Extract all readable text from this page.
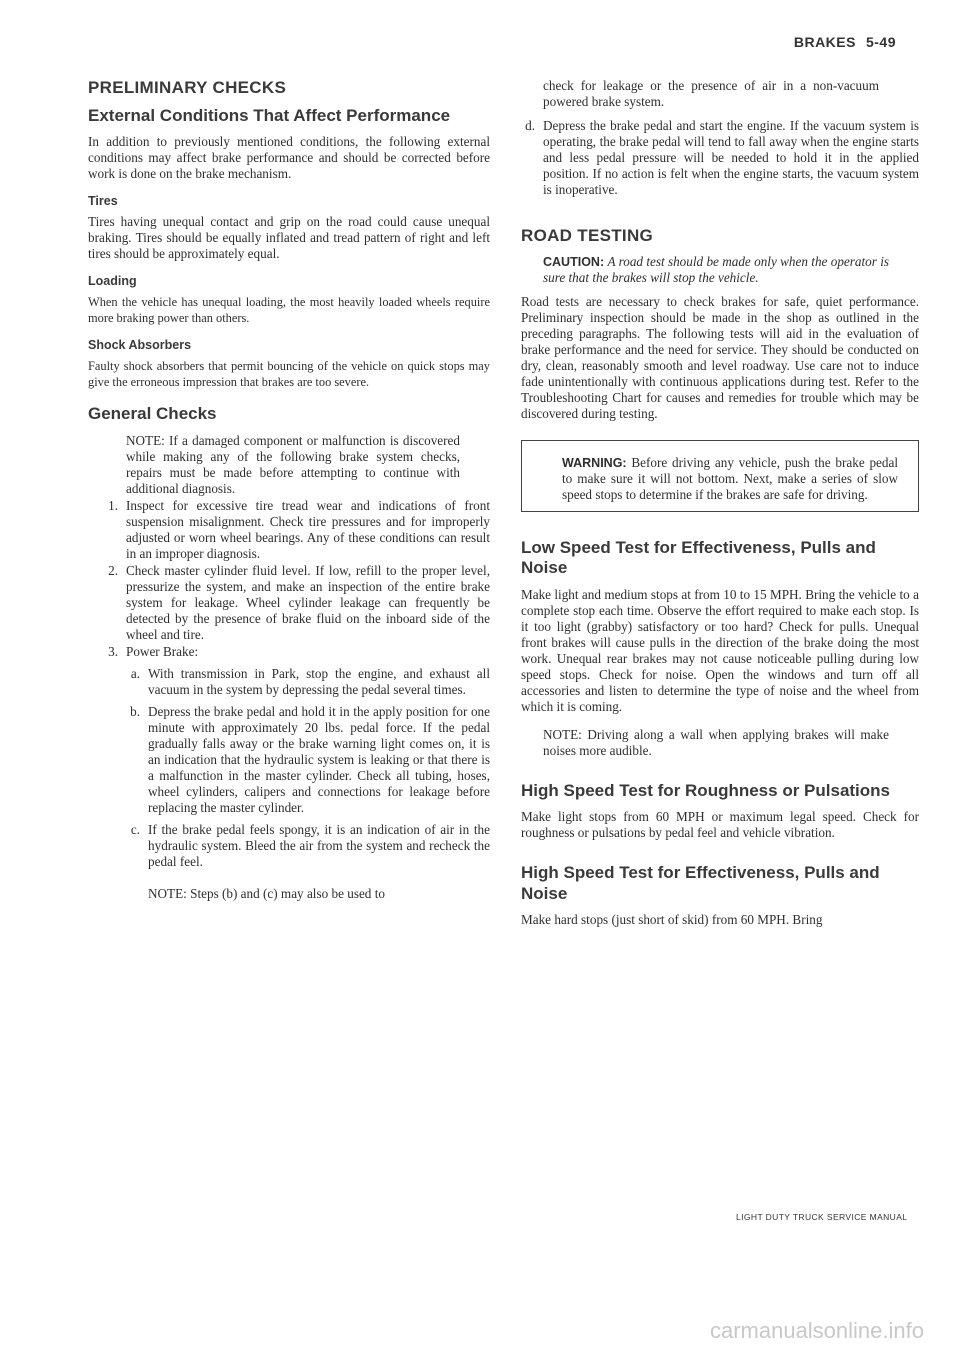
BRAKES 5-49
PRELIMINARY CHECKS
External Conditions That Affect Performance

In addition to previously mentioned conditions, the following external conditions may affect brake performance and should be corrected before work is done on the brake mechanism.

Tires

Tires having unequal contact and grip on the road could cause unequal braking. Tires should be equally inflated and tread pattern of right and left tires should be approximately equal.

Loading

When the vehicle has unequal loading, the most heavily loaded wheels require more braking power than others.

Shock Absorbers

Faulty shock absorbers that permit bouncing of the vehicle on quick stops may give the erroneous impression that brakes are too severe.

General Checks

NOTE: If a damaged component or malfunction is discovered while making any of the following brake system checks, repairs must be made before attempting to continue with additional diagnosis.

1. Inspect for excessive tire tread wear and indications of front suspension misalignment. Check tire pressures and for improperly adjusted or worn wheel bearings. Any of these conditions can result in an improper diagnosis.

2. Check master cylinder fluid level. If low, refill to the proper level, pressurize the system, and make an inspection of the entire brake system for leakage. Wheel cylinder leakage can frequently be detected by the presence of brake fluid on the inboard side of the wheel and tire.

3. Power Brake:

a. With transmission in Park, stop the engine, and exhaust all vacuum in the system by depressing the pedal several times.

b. Depress the brake pedal and hold it in the apply position for one minute with approximately 20 lbs. pedal force. If the pedal gradually falls away or the brake warning light comes on, it is an indication that the hydraulic system is leaking or that there is a malfunction in the master cylinder. Check all tubing, hoses, wheel cylinders, calipers and connections for leakage before replacing the master cylinder.

c. If the brake pedal feels spongy, it is an indication of air in the hydraulic system. Bleed the air from the system and recheck the pedal feel.

NOTE: Steps (b) and (c) may also be used to

check for leakage or the presence of air in a non-vacuum powered brake system.

d. Depress the brake pedal and start the engine. If the vacuum system is operating, the brake pedal will tend to fall away when the engine starts and less pedal pressure will be needed to hold it in the applied position. If no action is felt when the engine starts, the vacuum system is inoperative.

ROAD TESTING

CAUTION: A road test should be made only when the operator is sure that the brakes will stop the vehicle.

Road tests are necessary to check brakes for safe, quiet performance. Preliminary inspection should be made in the shop as outlined in the preceding paragraphs. The following tests will aid in the evaluation of brake performance and the need for service. They should be conducted on dry, clean, reasonably smooth and level roadway. Use care not to induce fade unintentionally with continuous applications during test. Refer to the Troubleshooting Chart for causes and remedies for trouble which may be discovered during testing.

WARNING: Before driving any vehicle, push the brake pedal to make sure it will not bottom. Next, make a series of slow speed stops to determine if the brakes are safe for driving.

Low Speed Test for Effectiveness, Pulls and Noise

Make light and medium stops at from 10 to 15 MPH. Bring the vehicle to a complete stop each time. Observe the effort required to make each stop. Is it too light (grabby) satisfactory or too hard? Check for pulls. Unequal front brakes will cause pulls in the direction of the brake doing the most work. Unequal rear brakes may not cause noticeable pulling during low speed stops. Check for noise. Open the windows and turn off all accessories and listen to determine the type of noise and the wheel from which it is coming.

NOTE: Driving along a wall when applying brakes will make noises more audible.

High Speed Test for Roughness or Pulsations

Make light stops from 60 MPH or maximum legal speed. Check for roughness or pulsations by pedal feel and vehicle vibration.

High Speed Test for Effectiveness, Pulls and Noise

Make hard stops (just short of skid) from 60 MPH. Bring

LIGHT DUTY TRUCK SERVICE MANUAL
carmanualsonline.info
